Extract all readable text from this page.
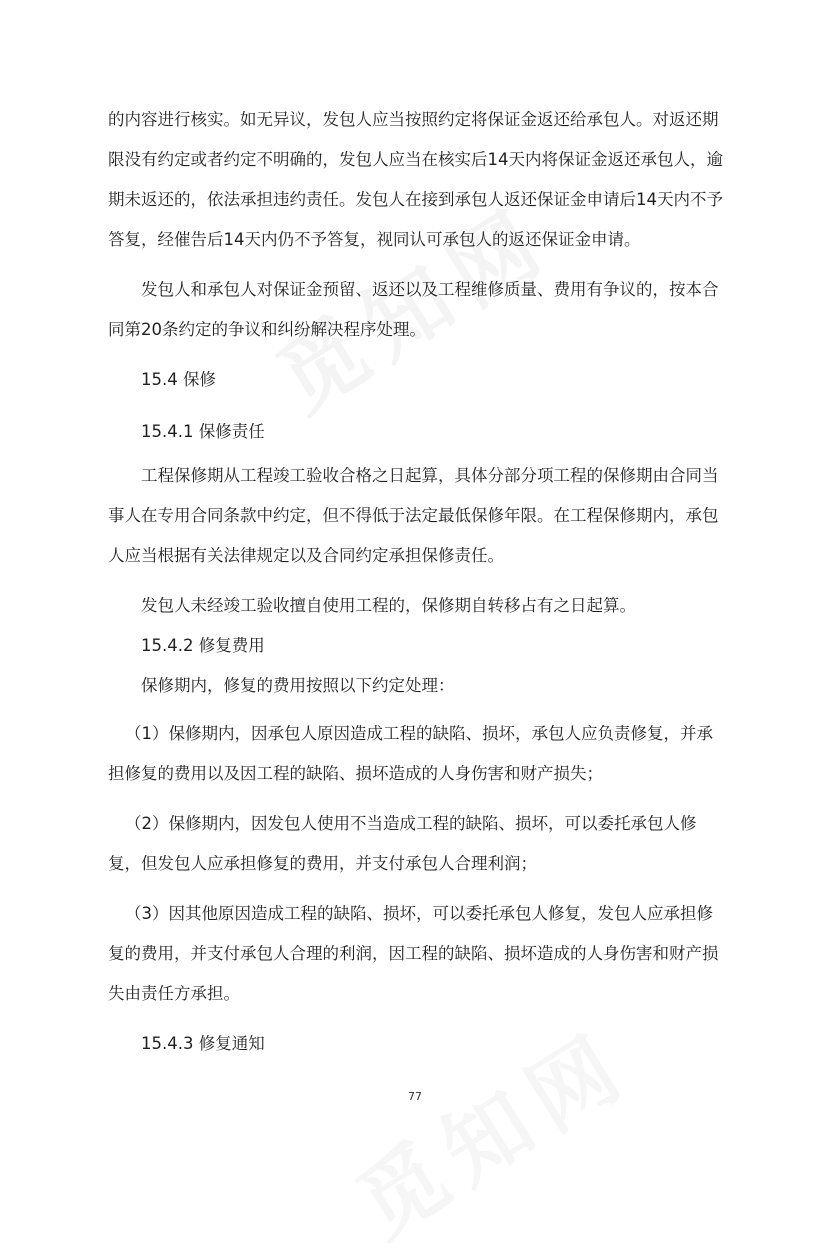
的内容进行核实。如无异议，发包人应当按照约定将保证金返还给承包人。对返还期限没有约定或者约定不明确的，发包人应当在核实后14天内将保证金返还承包人，逾期未返还的，依法承担违约责任。发包人在接到承包人返还保证金申请后14天内不予答复，经催告后14天内仍不予答复，视同认可承包人的返还保证金申请。

发包人和承包人对保证金预留、返还以及工程维修质量、费用有争议的，按本合同第20条约定的争议和纠纷解决程序处理。

15.4 保修

15.4.1 保修责任

工程保修期从工程竣工验收合格之日起算，具体分部分项工程的保修期由合同当事人在专用合同条款中约定，但不得低于法定最低保修年限。在工程保修期内，承包人应当根据有关法律规定以及合同约定承担保修责任。

发包人未经竣工验收擅自使用工程的，保修期自转移占有之日起算。

15.4.2 修复费用

保修期内，修复的费用按照以下约定处理：

（1）保修期内，因承包人原因造成工程的缺陷、损坏，承包人应负责修复，并承担修复的费用以及因工程的缺陷、损坏造成的人身伤害和财产损失；

（2）保修期内，因发包人使用不当造成工程的缺陷、损坏，可以委托承包人修复，但发包人应承担修复的费用，并支付承包人合理利润；

（3）因其他原因造成工程的缺陷、损坏，可以委托承包人修复，发包人应承担修复的费用，并支付承包人合理的利润，因工程的缺陷、损坏造成的人身伤害和财产损失由责任方承担。

15.4.3 修复通知

77
